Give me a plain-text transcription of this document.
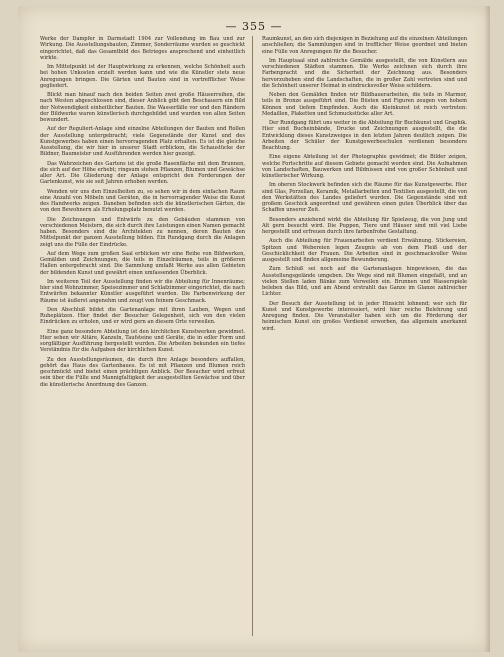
— 355 —

Werke der Dampfer in Darmstadt 1904 zur Vollendung im Bau und zur Wirkung. Die Ausstellungsbauten, Zimmer, Sonderräume wurden so geschickt eingerichtet, daß das Gesamtbild des Betrieges ansprechend und einheitlich wirkte.

Im Mittelpunkt ist der Hauptwirkung zu erkennen, welche Schönheit auch bei hohen Unkosten erzielt werden kann und wie die Künstler stets neue Anregungen bringen. Die Gärten und Bauten sind in vortrefflicher Weise gegliedert.

Blickt man hinauf nach den beiden Seiten zwei große Häuserreihen, die nach Westen abgeschlossen sind, dieser Anblick gibt den Beschauern ein Bild der Notwendigkeit einheitlicher Bauten. Die Wasserfälle vor und den Rändern der Bildwerke waren künstlerisch durchgebildet und wurden von allen Seiten bewundert.

Auf der Reguliert-Anlage sind einzelne Abteilungen der Bauten und Rollen der Ausstellung untergebracht; viele Gegenstände der Kunst und des Kunstgewerbes haben einen hervorragenden Platz erhalten. Es ist die gleiche Ausstellung, die wir hier in unserer Stadt erblicken, die Schaustücke der Bildner, Baumeister und Ausführenden werden hier gezeigt.

Das Wahrzeichen des Gartens ist die große Rasenfläche mit dem Brunnen, die sich auf der Höhe erhebt; ringsum stehen Pflanzen, Blumen und Gewächse aller Art. Die Gliederung der Anlage entspricht den Forderungen der Gartenkunst, wie sie seit Jahren erhoben werden.

Wenden wir uns den Einzelheiten zu, so sehen wir in dem einfachen Raum eine Anzahl von Möbeln und Geräten, die in hervorragender Weise die Kunst des Handwerks zeigen. Daneben befinden sich die künstlerischen Gärten, die von den Bewohnern als Erholungsplatz benutzt werden.

Die Zeichnungen und Entwürfe zu den Gebäuden stammen von verschiedenen Meistern, die sich durch ihre Leistungen einen Namen gemacht haben. Besonders sind die Architekten zu nennen, deren Bauten den Mittelpunkt der ganzen Ausstellung bilden. Ein Rundgang durch die Anlagen zeigt uns die Fülle der Eindrücke.

Auf dem Wege zum großen Saal erblicken wir eine Reihe von Bildwerken, Gemälden und Zeichnungen, die teils in Einzelräumen, teils in größeren Hallen untergebracht sind. Die Sammlung umfaßt Werke aus allen Gebieten der bildenden Kunst und gewährt einen umfassenden Überblick.

Im weiteren Teil der Ausstellung finden wir die Abteilung für Innenräume; hier sind Wohnzimmer, Speisezimmer und Schlafzimmer eingerichtet, die nach Entwürfen bekannter Künstler ausgeführt wurden. Die Farbenwirkung der Räume ist äußerst angenehm und zeugt von feinem Geschmack.

Den Abschluß bildet die Gartenanlage mit ihren Lauben, Wegen und Ruheplätzen. Hier findet der Besucher Gelegenheit, sich von den vielen Eindrücken zu erholen, und er wird gern an diesem Orte verweilen.

Eine ganz besondere Abteilung ist den kirchlichen Kunstwerken gewidmet. Hier sehen wir Altäre, Kanzeln, Taufsteine und Geräte, die in edler Form und sorgfältiger Ausführung hergestellt wurden. Die Arbeiten bekunden ein tiefes Verständnis für die Aufgaben der kirchlichen Kunst.

Zu den Ausstellungsräumen, die durch ihre Anlage besonders auffallen, gehört das Haus des Gartenbaues. Es ist mit Pflanzen und Blumen reich geschmückt und bietet einen prächtigen Anblick. Der Besucher wird erfreut sein über die Fülle und Mannigfaltigkeit der ausgestellten Gewächse und über die künstlerische Anordnung des Ganzen.

Raumkunst, an den sich diejenigen in Beziehung auf die einzelnen Abteilungen anschließen; die Sammlungen sind in trefflicher Weise geordnet und bieten eine Fülle von Anregungen für die Besucher.

Im Hauptsaal sind zahlreiche Gemälde ausgestellt, die von Künstlern aus verschiedenen Städten stammen. Die Werke zeichnen sich durch ihre Farbenpracht und die Sicherheit der Zeichnung aus. Besonders hervorzuheben sind die Landschaften, die in großer Zahl vertreten sind und die Schönheit unserer Heimat in eindrucksvoller Weise schildern.

Neben den Gemälden finden wir Bildhauerarbeiten, die teils in Marmor, teils in Bronze ausgeführt sind. Die Büsten und Figuren zeugen von hohem Können und tiefem Empfinden. Auch die Kleinkunst ist reich vertreten: Medaillen, Plaketten und Schmuckstücke aller Art.

Der Rundgang führt uns weiter in die Abteilung für Buchkunst und Graphik. Hier sind Bucheinbände, Drucke und Zeichnungen ausgestellt, die die Entwicklung dieses Kunstzweiges in den letzten Jahren deutlich zeigen. Die Arbeiten der Schüler der Kunstgewerbeschulen verdienen besondere Beachtung.

Eine eigene Abteilung ist der Photographie gewidmet; die Bilder zeigen, welche Fortschritte auf diesem Gebiete gemacht worden sind. Die Aufnahmen von Landschaften, Bauwerken und Bildnissen sind von großer Schönheit und künstlerischer Wirkung.

Im oberen Stockwerk befinden sich die Räume für das Kunstgewerbe. Hier sind Glas, Porzellan, Keramik, Metallarbeiten und Textilien ausgestellt, die von den Werkstätten des Landes geliefert wurden. Die Gegenstände sind mit großem Geschick angeordnet und gewähren einen guten Überblick über das Schaffen unserer Zeit.

Besonders anziehend wirkt die Abteilung für Spielzeug, die von Jung und Alt gern besucht wird. Die Puppen, Tiere und Häuser sind mit viel Liebe hergestellt und erfreuen durch ihre farbenfrohe Gestaltung.

Auch die Abteilung für Frauenarbeiten verdient Erwähnung. Stickereien, Spitzen und Webereien legen Zeugnis ab von dem Fleiß und der Geschicklichkeit der Frauen. Die Arbeiten sind in geschmackvoller Weise ausgestellt und finden allgemeine Bewunderung.

Zum Schluß sei noch auf die Gartenanlagen hingewiesen, die das Ausstellungsgelände umgeben. Die Wege sind mit Blumen eingefaßt, und an vielen Stellen laden Bänke zum Verweilen ein. Brunnen und Wasserspiele beleben das Bild, und am Abend erstrahlt das Ganze im Glanze zahlreicher Lichter.

Der Besuch der Ausstellung ist in jeder Hinsicht lohnend; wer sich für Kunst und Kunstgewerbe interessiert, wird hier reiche Belehrung und Anregung finden. Die Veranstalter haben sich um die Förderung der heimischen Kunst ein großes Verdienst erworben, das allgemein anerkannt wird.
